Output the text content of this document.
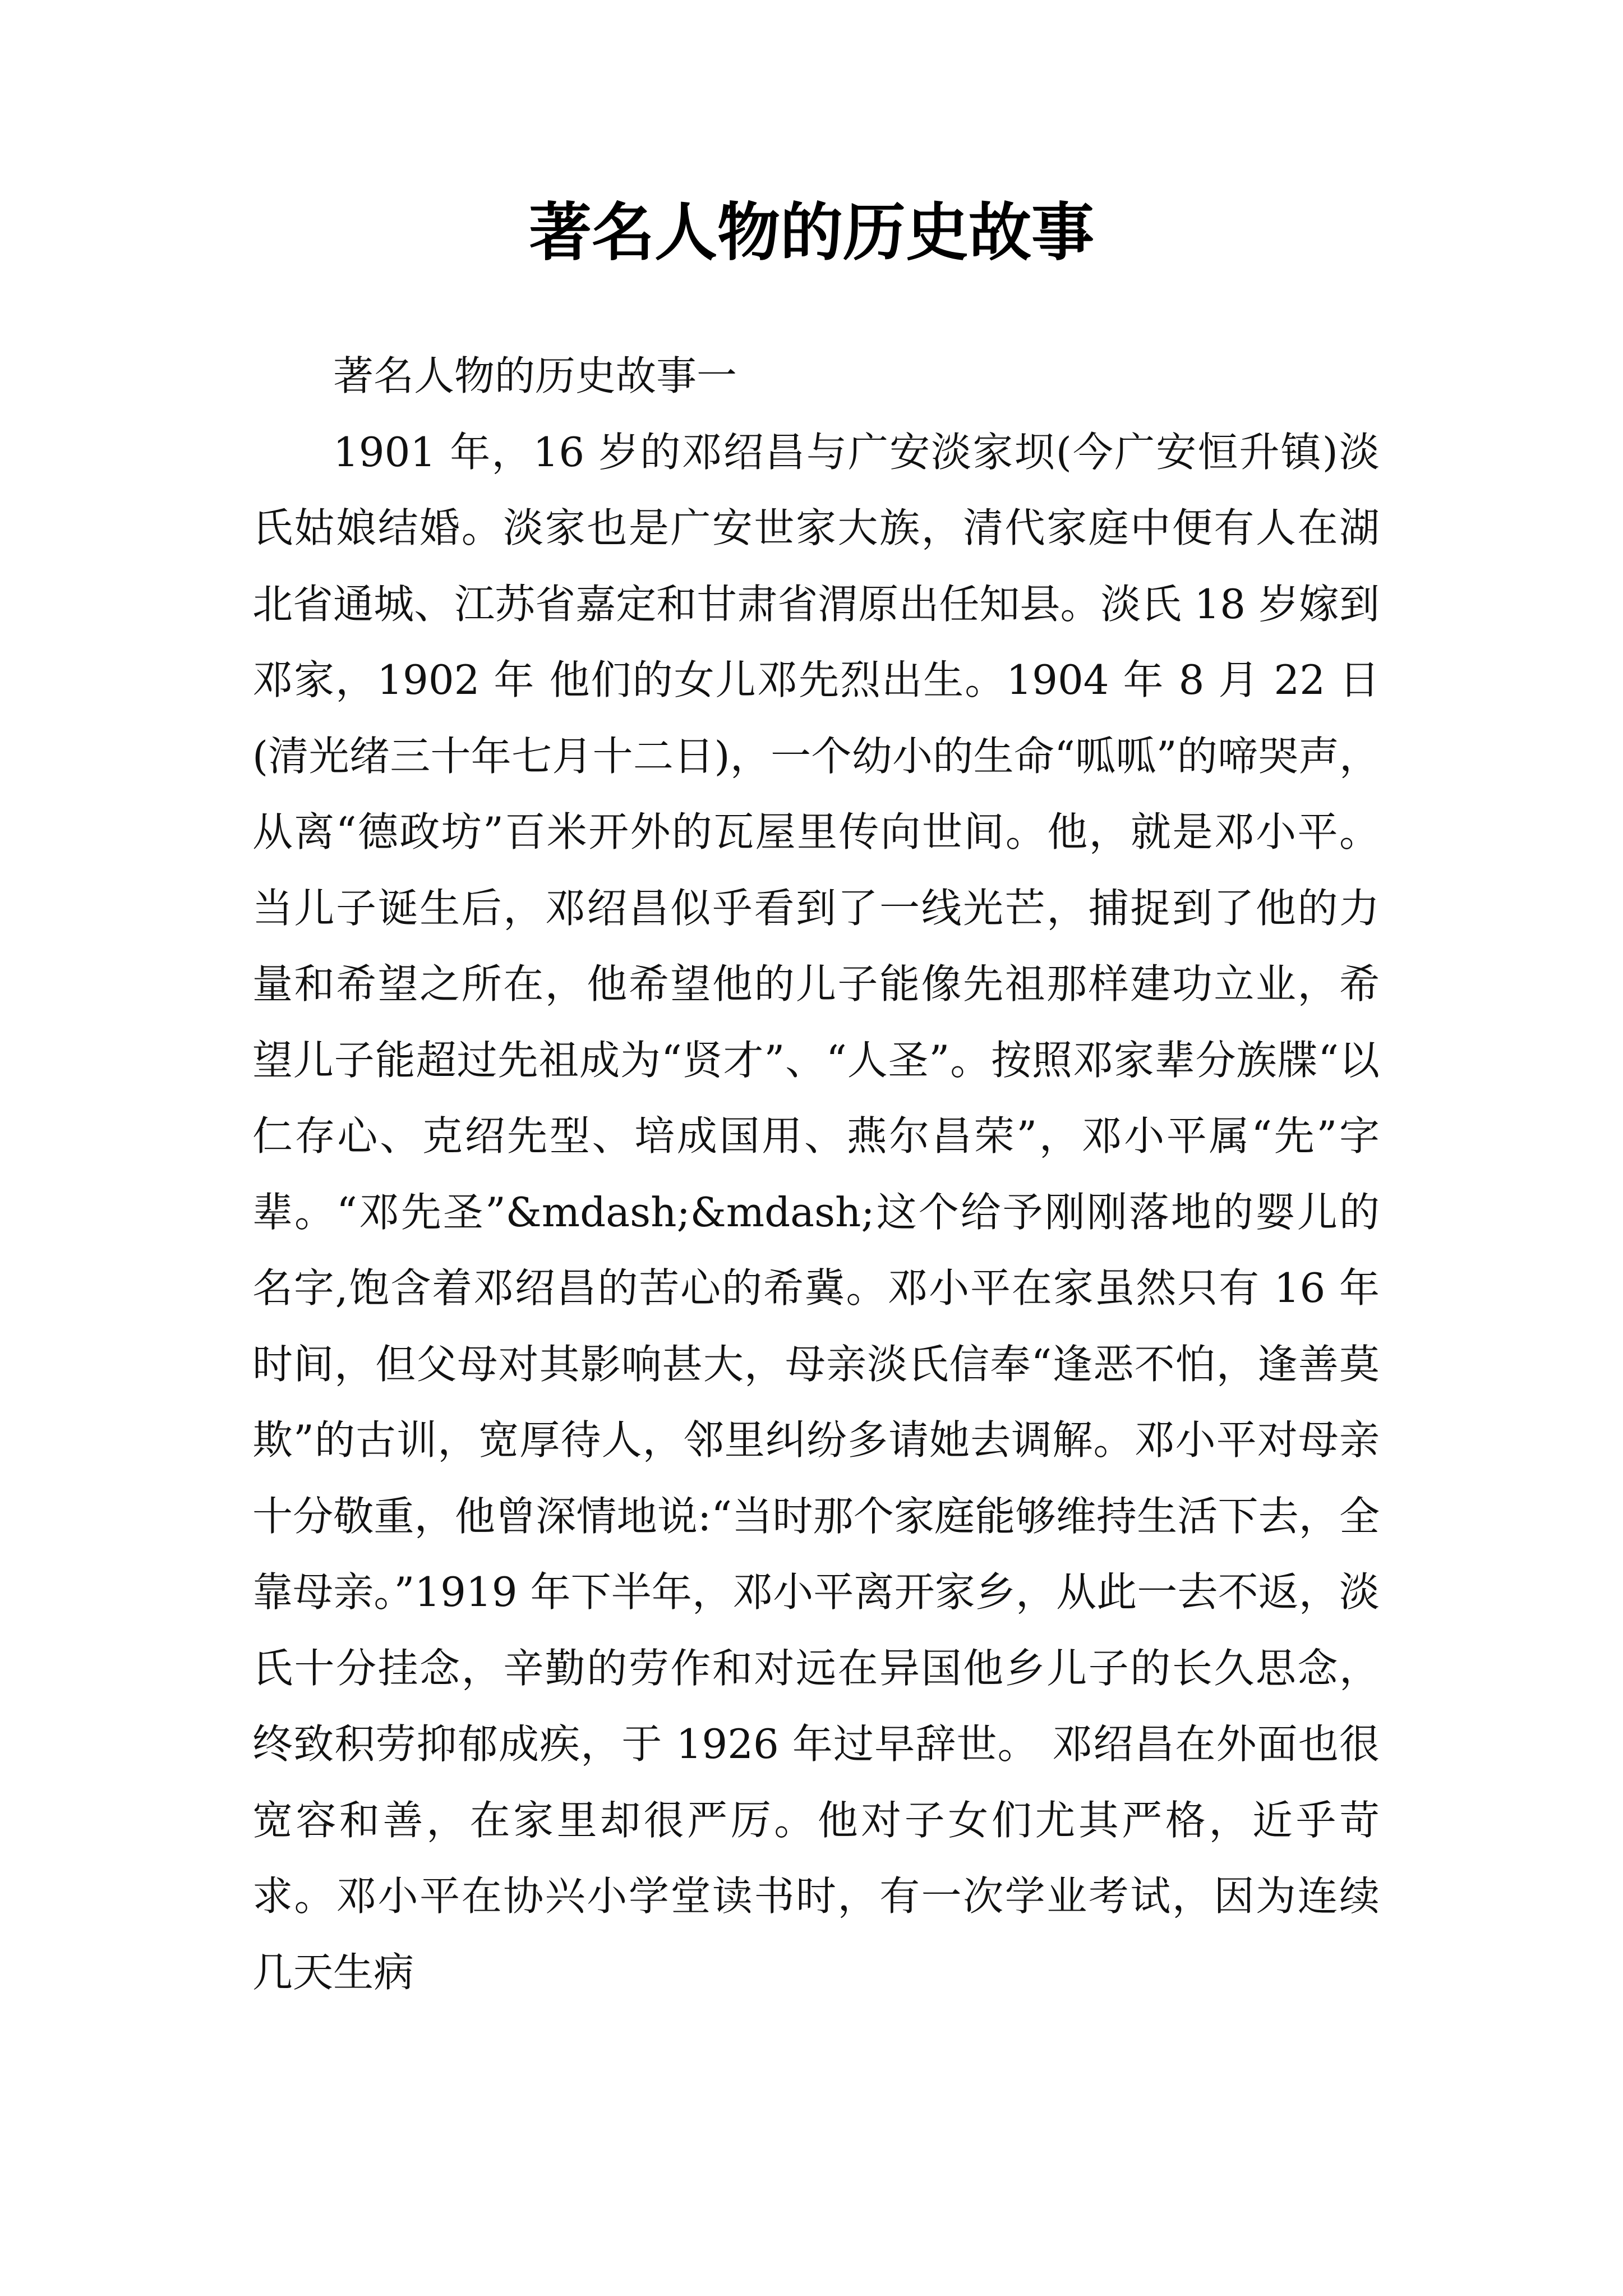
著名人物的历史故事

著名人物的历史故事一

1901 年，16 岁的邓绍昌与广安淡家坝(今广安恒升镇)淡氏姑娘结婚。淡家也是广安世家大族，清代家庭中便有人在湖北省通城、江苏省嘉定和甘肃省渭原出任知县。淡氏 18 岁嫁到邓家，1902 年 他们的女儿邓先烈出生。1904 年 8 月 22 日(清光绪三十年七月十二日)，一个幼小的生命“呱呱”的啼哭声，从离“德政坊”百米开外的瓦屋里传向世间。他，就是邓小平。 当儿子诞生后，邓绍昌似乎看到了一线光芒，捕捉到了他的力量和希望之所在，他希望他的儿子能像先祖那样建功立业，希望儿子能超过先祖成为“贤才”、“人圣”。按照邓家辈分族牒“以仁存心、克绍先型、培成国用、燕尔昌荣”，邓小平属“先”字辈。“邓先圣”&mdash;&mdash;这个给予刚刚落地的婴儿的名字,饱含着邓绍昌的苦心的希冀。邓小平在家虽然只有 16 年时间，但父母对其影响甚大，母亲淡氏信奉“逢恶不怕，逢善莫欺”的古训，宽厚待人，邻里纠纷多请她去调解。邓小平对母亲十分敬重，他曾深情地说:“当时那个家庭能够维持生活下去，全靠母亲。”1919 年下半年，邓小平离开家乡，从此一去不返，淡氏十分挂念，辛勤的劳作和对远在异国他乡儿子的长久思念，终致积劳抑郁成疾，于 1926 年过早辞世。 邓绍昌在外面也很宽容和善，在家里却很严厉。他对子女们尤其严格，近乎苛求。邓小平在协兴小学堂读书时，有一次学业考试，因为连续几天生病
